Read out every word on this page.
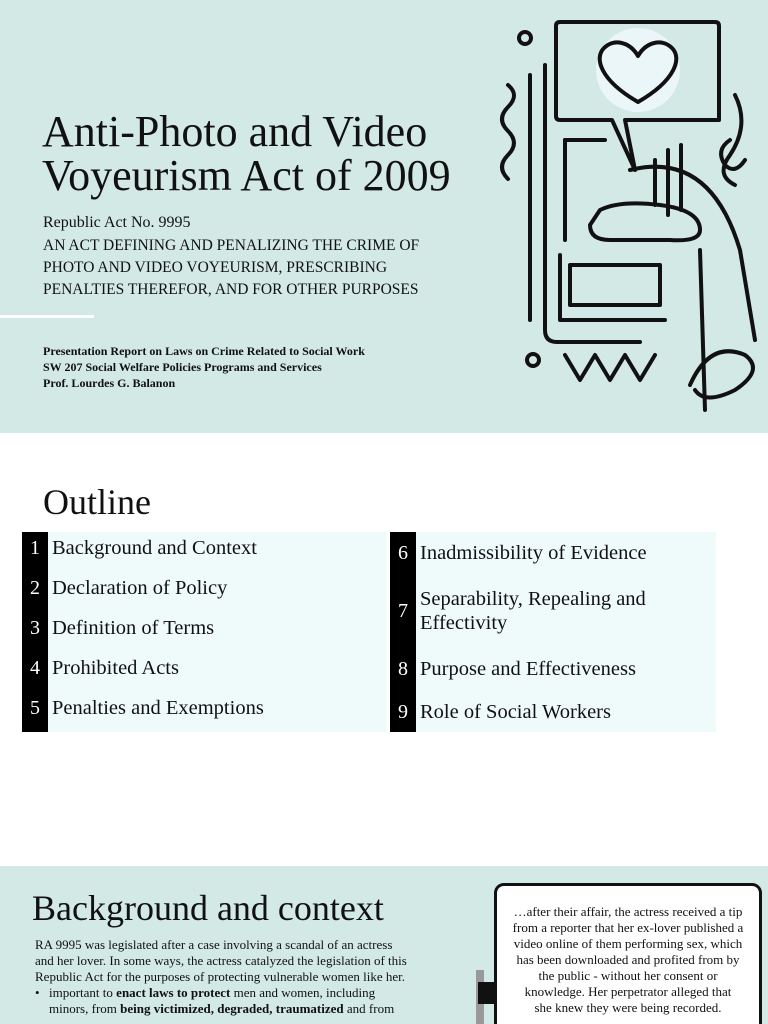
Anti-Photo and Video
Voyeurism Act of 2009
Republic Act No. 9995
AN ACT DEFINING AND PENALIZING THE CRIME OF
PHOTO AND VIDEO VOYEURISM, PRESCRIBING
PENALTIES THEREFOR, AND FOR OTHER PURPOSES
Presentation Report on Laws on Crime Related to Social Work
SW 207 Social Welfare Policies Programs and Services
Prof. Lourdes G. Balanon
Outline
1 Background and Context
2 Declaration of Policy
3 Definition of Terms
4 Prohibited Acts
5 Penalties and Exemptions
6 Inadmissibility of Evidence
7
Separability, Repealing and Effectivity
8 Purpose and Effectiveness
9 Role of Social Workers
Background and context
RA 9995 was legislated after a case involving a scandal of an actress
and her lover. In some ways, the actress catalyzed the legislation of this
Republic Act for the purposes of protecting vulnerable women like her.
• important to enact laws to protect men and women, including
minors, from being victimized, degraded, traumatized and from
…after their affair, the actress received a tip
from a reporter that her ex-lover published a
video online of them performing sex, which
has been downloaded and profited from by
the public - without her consent or
knowledge. Her perpetrator alleged that
she knew they were being recorded.
